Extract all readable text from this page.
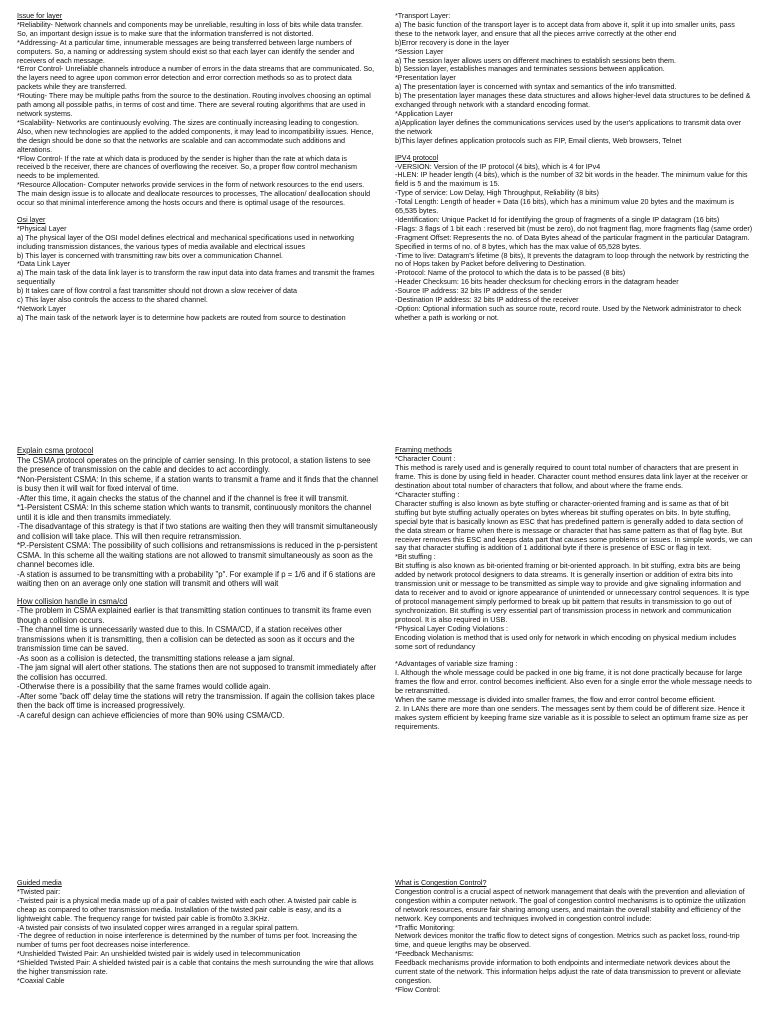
Issue for layer

*Reliability- Network channels and components may be unreliable, resulting in loss of bits while data transfer. So, an important design issue is to make sure that the information transferred is not distorted.

*Addressing- At a particular time, innumerable messages are being transferred between large numbers of computers. So, a naming or addressing system should exist so that each layer can identify the sender and receivers of each message.

*Error Control- Unreliable channels introduce a number of errors in the data streams that are communicated. So, the layers need to agree upon common error detection and error correction methods so as to protect data packets while they are transferred.

*Routing- There may be multiple paths from the source to the destination. Routing involves choosing an optimal path among all possible paths, in terms of cost and time. There are several routing algorithms that are used in network systems.

*Scalability- Networks are continuously evolving. The sizes are continually increasing leading to congestion. Also, when new technologies are applied to the added components, it may lead to incompatibility issues. Hence, the design should be done so that the networks are scalable and can accommodate such additions and alterations.

*Flow Control- If the rate at which data is produced by the sender is higher than the rate at which data is received b the receiver, there are chances of overflowing the receiver. So, a proper flow control mechanism needs to be implemented.

*Resource Allocation- Computer networks provide services in the form of network resources to the end users. The main design issue is to allocate and deallocate resources to processes, The allocation/ deallocation should occur so that minimal interference among the hosts occurs and there is optimal usage of the resources.

Osi layer

*Physical Layer

a) The physical layer of the OSI model defines electrical and mechanical specifications used in networking including transmission distances, the various types of media available and electrical issues

b) This layer is concerned with transmitting raw bits over a communication Channel.

*Data Link Layer

a) The main task of the data link layer is to transform the raw input data into data frames and transmit the frames sequentially

b) It takes care of flow control a fast transmitter should not drown a slow receiver of data

c) This layer also controls the access to the shared channel.

*Network Layer

a) The main task of the network layer is to determine how packets are routed from source to destination

*Transport Layer:

a) The basic function of the transport layer is to accept data from above it, split it up into smaller units, pass these to the network layer, and ensure that all the pieces arrive correctly at the other end

b)Error recovery is done in the layer

*Session Layer

a) The session layer allows users on different machines to establish sessions betn them.

b) Session layer, establishes manages and terminates sessions between application.

*Presentation layer

a) The presentation layer is concerned with syntax and semantics of the info transmitted.

b) The presentation layer manages these data structures and allows higher-level data structures to be defined & exchanged through network with a standard encoding format.

*Application Layer

a)Application layer defines the communications services used by the user's applications to transmit data over the network

b)This layer defines application protocols such as FIP, Email clients, Web browsers, Telnet

IPV4 protocol

-VERSION: Version of the IP protocol (4 bits), which is 4 for IPv4

-HLEN: IP header length (4 bits), which is the number of 32 bit words in the header. The minimum value for this field is 5 and the maximum is 15.

-Type of service: Low Delay, High Throughput, Reliability (8 bits)

-Total Length: Length of header + Data (16 bits), which has a minimum value 20 bytes and the maximum is 65,535 bytes.

-Identification: Unique Packet Id for identifying the group of fragments of a single IP datagram (16 bits)

-Flags: 3 flags of 1 bit each : reserved bit (must be zero), do not fragment flag, more fragments flag (same order)

-Fragment Offset: Represents the no. of Data Bytes ahead of the particular fragment in the particular Datagram. Specified in terms of no. of 8 bytes, which has the max value of 65,528 bytes.

-Time to live: Datagram's lifetime (8 bits), It prevents the datagram to loop through the network by restricting the no of Hops taken by Packet before delivering to Destination.

-Protocol: Name of the protocol to which the data is to be passed (8 bits)

-Header Checksum: 16 bits header checksum for checking errors in the datagram header

-Source IP address: 32 bits IP address of the sender

-Destination IP address: 32 bits IP address of the receiver

-Option: Optional information such as source route, record route. Used by the Network administrator to check whether a path is working or not.

Explain csma protocol

The CSMA protocol operates on the principle of carrier sensing. In this protocol, a station listens to see the presence of transmission on the cable and decides to act accordingly.

*Non-Persistent CSMA: In this scheme, if a station wants to transmit a frame and it finds that the channel is busy then it will wait for fixed interval of time.

-After this time, it again checks the status of the channel and if the channel is free it will transmit.

*1-Persistent CSMA: In this scheme station which wants to transmit, continuously monitors the channel until it is idle and then transmits immediately.

-The disadvantage of this strategy is that if two stations are waiting then they will transmit simultaneously and collision will take place. This will then require retransmission.

*P.-Persistent CSMA: The possibility of such collisions and retransmissions is reduced in the p-persistent CSMA. In this scheme all the waiting stations are not allowed to transmit simultaneously as soon as the channel becomes idle.

-A station is assumed to be transmitting with a probability "p". For example if p = 1/6 and if 6 stations are waiting then on an average only one station will transmit and others will wait

How collision handle in csma/cd

-The problem in CSMA explained earlier is that transmitting station continues to transmit its frame even though a collision occurs.

-The channel time is unnecessarily wasted due to this. In CSMA/CD, if a station receives other transmissions when it is transmitting, then a collision can be detected as soon as it occurs and the transmission time can be saved.

-As soon as a collision is detected, the transmitting stations release a jam signal.

-The jam signal will alert other stations. The stations then are not supposed to transmit immediately after the collision has occurred.

-Otherwise there is a possibility that the same frames would collide again.

-After some "back off' delay time the stations will retry the transmission. If again the collision takes place then the back off time is increased progressively.

-A careful design can achieve efficiencies of more than 90% using CSMA/CD.

Framing methods

*Character Count :

This method is rarely used and is generally required to count total number of characters that are present in frame. This is done by using field in header. Character count method ensures data link layer at the receiver or destination about total number of characters that follow, and about where the frame ends.

*Character stuffing :

Character stuffing is also known as byte stuffing or character-oriented framing and is same as that of bit stuffing but byte stuffing actually operates on bytes whereas bit stuffing operates on bits. In byte stuffing, special byte that is basically known as ESC that has predefined pattern is generally added to data section of the data stream or frame when there is message or character that has same pattern as that of flag byte. But receiver removes this ESC and keeps data part that causes some problems or issues. In simple words, we can say that character stuffing is addition of 1 additional byte if there is presence of ESC or flag in text.

*Bit stuffing :

Bit stuffing is also known as bit-oriented framing or bit-oriented approach. In bit stuffing, extra bits are being added by network protocol designers to data streams. It is generally insertion or addition of extra bits into transmission unit or message to be transmitted as simple way to provide and give signaling information and data to receiver and to avoid or ignore appearance of unintended or unnecessary control sequences. It is type of protocol management simply performed to break up bit pattern that results in transmission to go out of synchronization. Bit stuffing is very essential part of transmission process in network and communication protocol. It is also required in USB.

*Physical Layer Coding Violations :

Encoding violation is method that is used only for network in which encoding on physical medium includes some sort of redundancy

*Advantages of variable size framing :

I. Although the whole message could be packed in one big frame, it is not done practically because for large frames the flow and error. control becomes inefficient. Also even for a single error the whole message needs to be retransmitted.

When the same message is divided into smaller frames, the flow and error control become efficient.

2. In LANs there are more than one senders. The messages sent by them could be of different size. Hence it makes system efficient by keeping frame size variable as it is possible to select an optimum frame size as per requirements.

Guided media

*Twisted pair:

-Twisted pair is a physical media made up of a pair of cables twisted with each other. A twisted pair cable is cheap as compared to other transmission media. Installation of the twisted pair cable is easy, and its a lightweight cable. The frequency range for twisted pair cable is from0to 3.3KHz.

-A twisted pair consists of two insulated copper wires arranged in a regular spiral pattern.

-The degree of reduction in noise interference is determined by the number of turns per foot. Increasing the number of turns per foot decreases noise interference.

*Unshielded Twisted Pair: An unshielded twisted pair is widely used in telecommunication

*Shielded Twisted Pair: A shielded twisted pair is a cable that contains the mesh surrounding the wire that allows the higher transmission rate.

*Coaxial Cable

What is Congestion Control?

Congestion control is a crucial aspect of network management that deals with the prevention and alleviation of congestion within a computer network. The goal of congestion control mechanisms is to optimize the utilization of network resources, ensure fair sharing among users, and maintain the overall stability and efficiency of the network. Key components and techniques involved in congestion control include:

*Traffic Monitoring:

Network devices monitor the traffic flow to detect signs of congestion. Metrics such as packet loss, round-trip time, and queue lengths may be observed.

*Feedback Mechanisms:

Feedback mechanisms provide information to both endpoints and intermediate network devices about the current state of the network. This information helps adjust the rate of data transmission to prevent or alleviate congestion.

*Flow Control:
